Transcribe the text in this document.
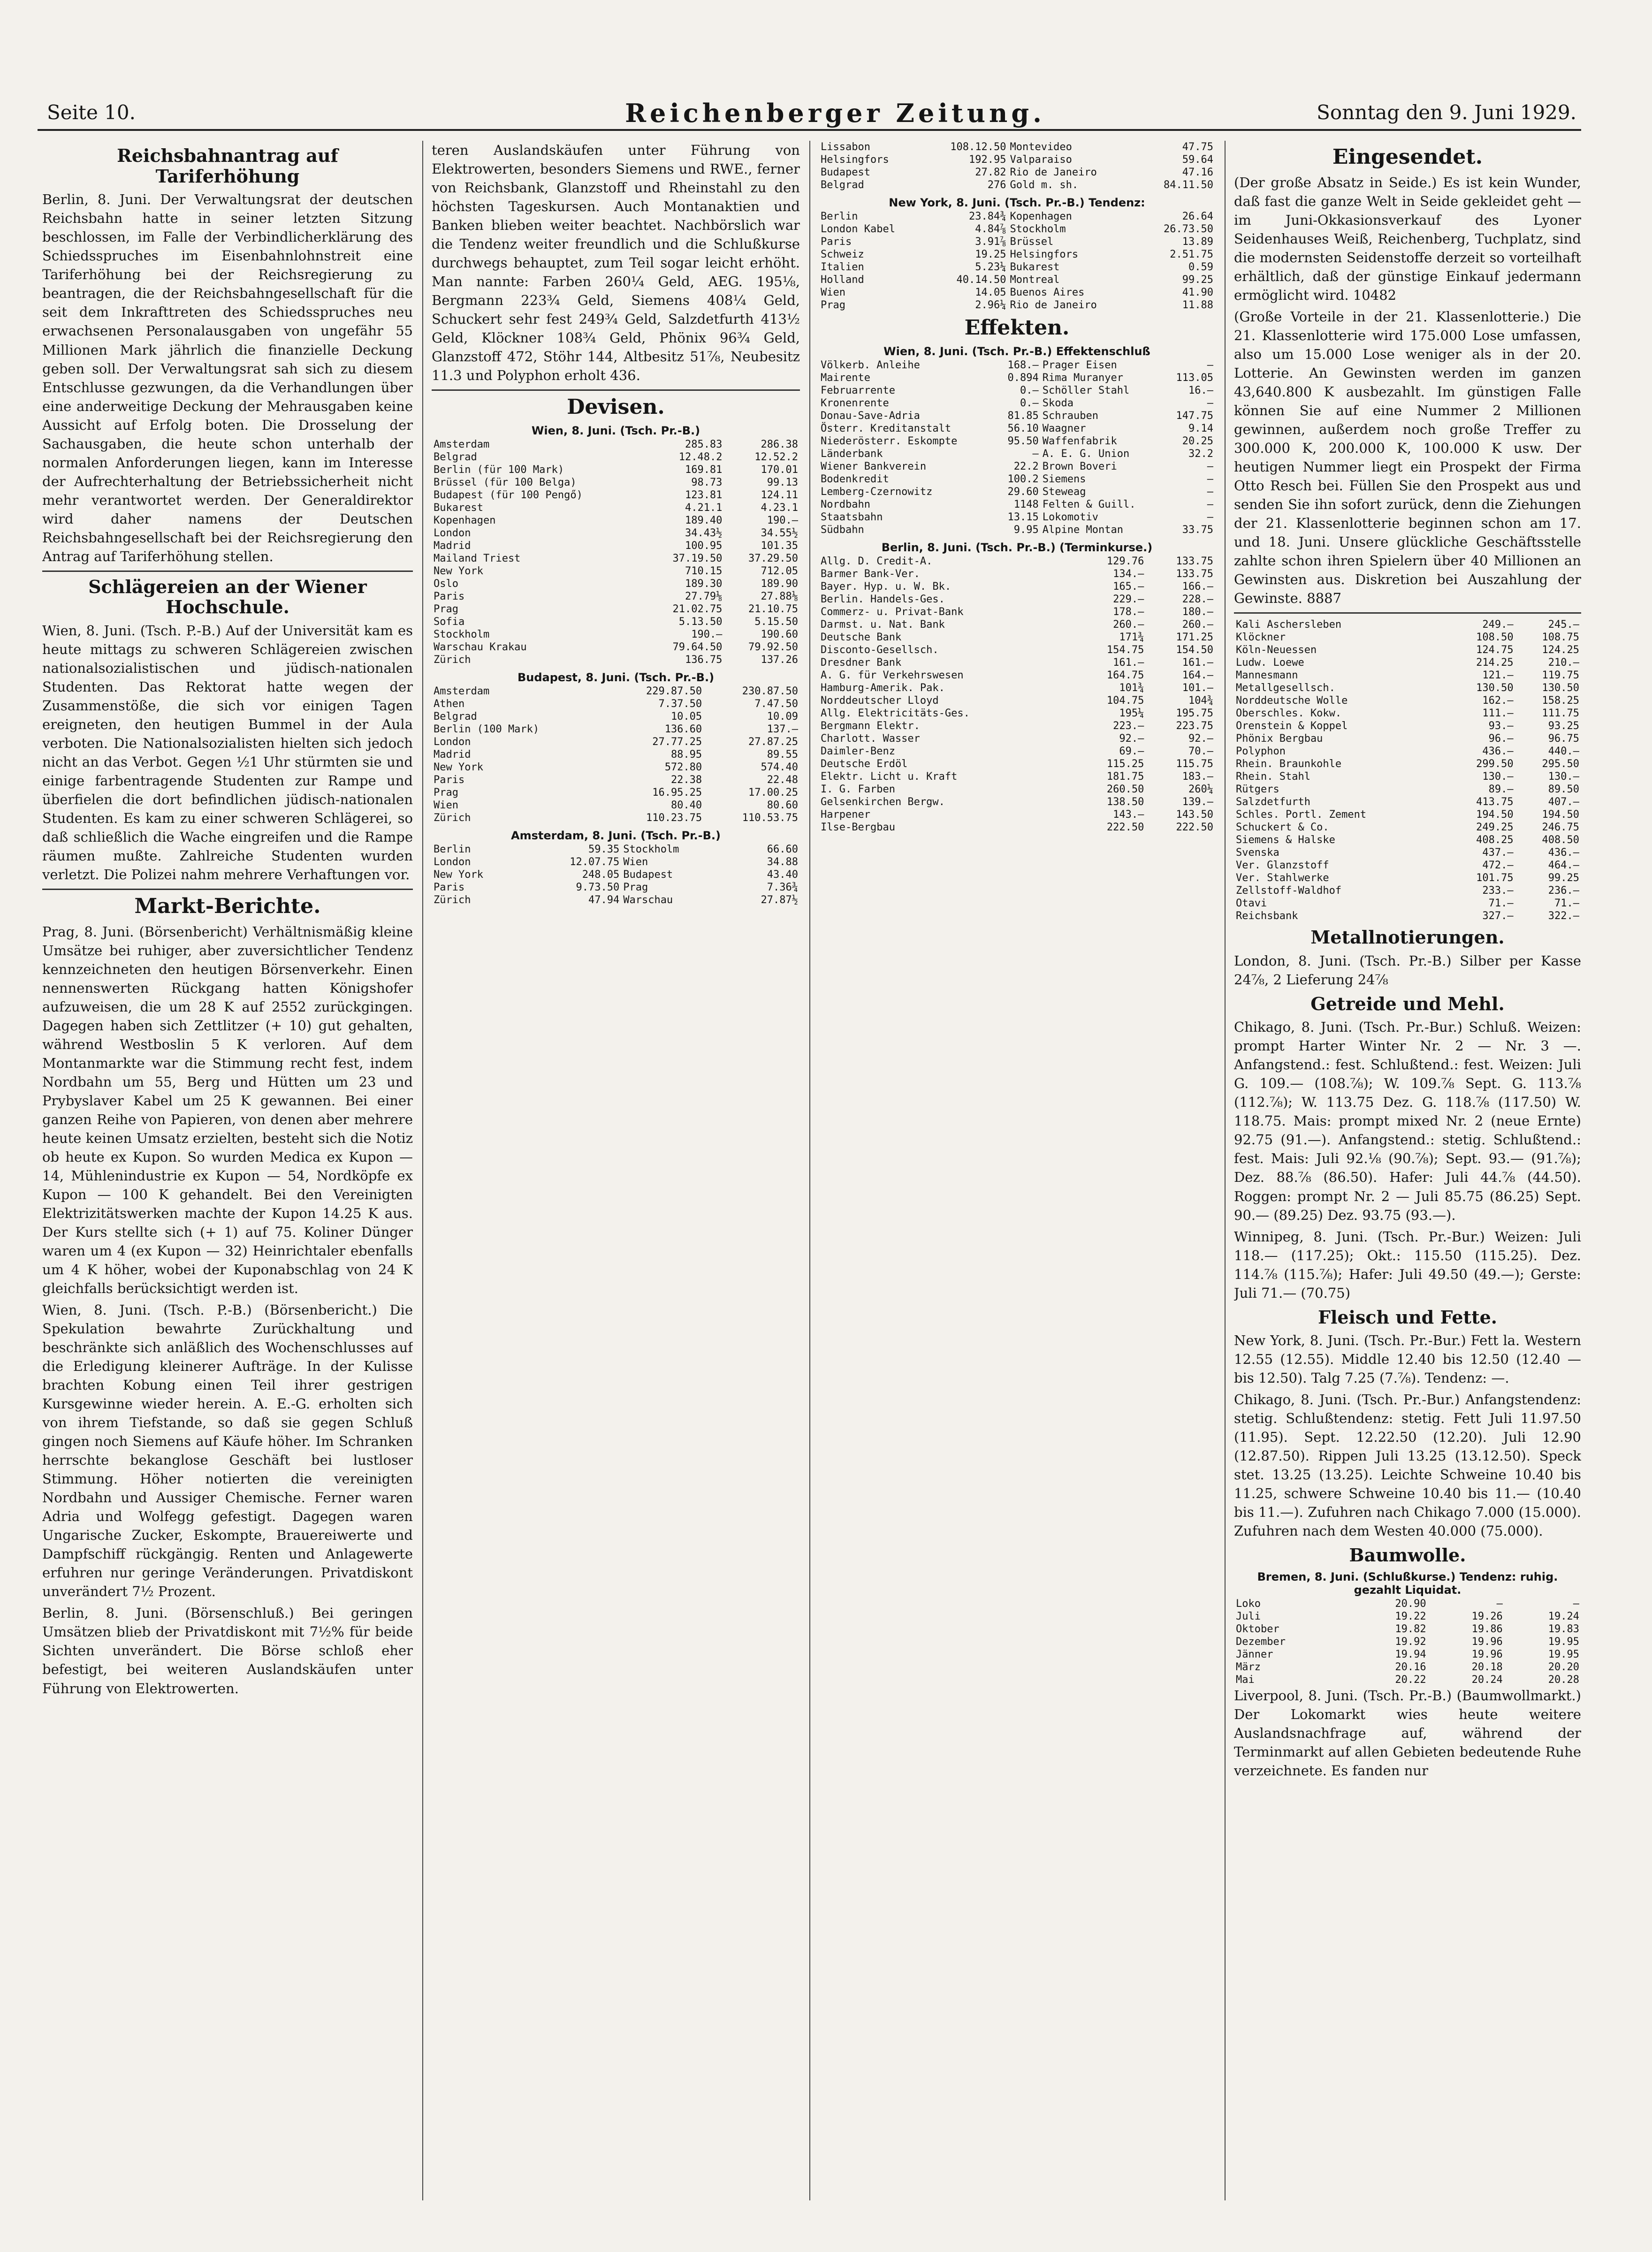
Seite 10.	Reichenberger Zeitung.	Sonntag den 9. Juni 1929.
Reichsbahnantrag auf Tariferhöhung

Berlin, 8. Juni. Der Verwaltungsrat der deutschen Reichsbahn hatte in seiner letzten Sitzung beschlossen, im Falle der Verbindlicherklärung des Schiedsspruches im Eisenbahnlohnstreit eine Tariferhöhung bei der Reichsregierung zu beantragen, die der Reichsbahngesellschaft für die seit dem Inkrafttreten des Schiedsspruches neu erwachsenen Personalausgaben von ungefähr 55 Millionen Mark jährlich die finanzielle Deckung geben soll. Der Verwaltungsrat sah sich zu diesem Entschlusse gezwungen, da die Verhandlungen über eine anderweitige Deckung der Mehrausgaben keine Aussicht auf Erfolg boten. Die Drosselung der Sachausgaben, die heute schon unterhalb der normalen Anforderungen liegen, kann im Interesse der Aufrechterhaltung der Betriebssicherheit nicht mehr verantwortet werden. Der Generaldirektor wird daher namens der Deutschen Reichsbahngesellschaft bei der Reichsregierung den Antrag auf Tariferhöhung stellen.

Schlägereien an der Wiener Hochschule.

Wien, 8. Juni. (Tsch. P.-B.) Auf der Universität kam es heute mittags zu schweren Schlägereien zwischen nationalsozialistischen und jüdisch-nationalen Studenten. Das Rektorat hatte wegen der Zusammenstöße, die sich vor einigen Tagen ereigneten, den heutigen Bummel in der Aula verboten. Die Nationalsozialisten hielten sich jedoch nicht an das Verbot. Gegen ½1 Uhr stürmten sie und einige farbentragende Studenten zur Rampe und überfielen die dort befindlichen jüdisch-nationalen Studenten. Es kam zu einer schweren Schlägerei, so daß schließlich die Wache eingreifen und die Rampe räumen mußte. Zahlreiche Studenten wurden verletzt. Die Polizei nahm mehrere Verhaftungen vor.

Markt-Berichte.

Prag, 8. Juni. (Börsenbericht) Verhältnismäßig kleine Umsätze bei ruhiger, aber zuversichtlicher Tendenz kennzeichneten den heutigen Börsenverkehr. Einen nennenswerten Rückgang hatten Königshofer aufzuweisen, die um 28 K auf 2552 zurückgingen. Dagegen haben sich Zettlitzer (+ 10) gut gehalten, während Westboslin 5 K verloren. Auf dem Montanmarkte war die Stimmung recht fest, indem Nordbahn um 55, Berg und Hütten um 23 und Prybyslaver Kabel um 25 K gewannen. Bei einer ganzen Reihe von Papieren, von denen aber mehrere heute keinen Umsatz erzielten, besteht sich die Notiz ob heute ex Kupon. So wurden Medica ex Kupon — 14, Mühlenindustrie ex Kupon — 54, Nordköpfe ex Kupon — 100 K gehandelt. Bei den Vereinigten Elektrizitätswerken machte der Kupon 14.25 K aus. Der Kurs stellte sich (+ 1) auf 75. Koliner Dünger waren um 4 (ex Kupon — 32) Heinrichtaler ebenfalls um 4 K höher, wobei der Kuponabschlag von 24 K gleichfalls berücksichtigt werden ist.

Wien, 8. Juni. (Tsch. P.-B.) (Börsenbericht.) Die Spekulation bewahrte Zurückhaltung und beschränkte sich anläßlich des Wochenschlusses auf die Erledigung kleinerer Aufträge. In der Kulisse brachten Kobung einen Teil ihrer gestrigen Kursgewinne wieder herein. A. E.-G. erholten sich von ihrem Tiefstande, so daß sie gegen Schluß gingen noch Siemens auf Käufe höher. Im Schranken herrschte bekanglose Geschäft bei lustloser Stimmung. Höher notierten die vereinigten Nordbahn und Aussiger Chemische. Ferner waren Adria und Wolfegg gefestigt. Dagegen waren Ungarische Zucker, Eskompte, Brauereiwerte und Dampfschiff rückgängig. Renten und Anlagewerte erfuhren nur geringe Veränderungen. Privatdiskont unverändert 7½ Prozent.

Berlin, 8. Juni. (Börsenschluß.) Bei geringen Umsätzen blieb der Privatdiskont mit 7½% für beide Sichten unverändert. Die Börse schloß eher befestigt, bei weiteren Auslandskäufen unter Führung von Elektrowerten.

teren Auslandskäufen unter Führung von Elektrowerten, besonders Siemens und RWE., ferner von Reichsbank, Glanzstoff und Rheinstahl zu den höchsten Tageskursen. Auch Montanaktien und Banken blieben weiter beachtet. Nachbörslich war die Tendenz weiter freundlich und die Schlußkurse durchwegs behauptet, zum Teil sogar leicht erhöht. Man nannte: Farben 260¼ Geld, AEG. 195⅛, Bergmann 223¾ Geld, Siemens 408¼ Geld, Schuckert sehr fest 249¾ Geld, Salzdetfurth 413½ Geld, Klöckner 108¾ Geld, Phönix 96¾ Geld, Glanzstoff 472, Stöhr 144, Altbesitz 51⅞, Neubesitz 11.3 und Polyphon erholt 436.

Devisen.
Wien, 8. Juni. (Tsch. Pr.-B.)
Amsterdam	285.83	286.38
Belgrad	12.48.2	12.52.2
Berlin (für 100 Mark)	169.81	170.01
Brüssel (für 100 Belga)	98.73	99.13
Budapest (für 100 Pengő)	123.81	124.11
Bukarest	4.21.1	4.23.1
Kopenhagen	189.40	190.—
London	34.43½	34.55½
Madrid	100.95	101.35
Mailand Triest	37.19.50	37.29.50
New York	710.15	712.05
Oslo	189.30	189.90
Paris	27.79⅛	27.88⅛
Prag	21.02.75	21.10.75
Sofia	5.13.50	5.15.50
Stockholm	190.—	190.60
Warschau Krakau	79.64.50	79.92.50
Zürich	136.75	137.26
Budapest, 8. Juni. (Tsch. Pr.-B.)
Amsterdam	229.87.50	230.87.50
Athen	7.37.50	7.47.50
Belgrad	10.05	10.09
Berlin (100 Mark)	136.60	137.—
London	27.77.25	27.87.25
Madrid	88.95	89.55
New York	572.80	574.40
Paris	22.38	22.48
Prag	16.95.25	17.00.25
Wien	80.40	80.60
Zürich	110.23.75	110.53.75
Amsterdam, 8. Juni. (Tsch. Pr.-B.)
Berlin	59.35	Stockholm	66.60
London	12.07.75	Wien	34.88
New York	248.05	Budapest	43.40
Paris	9.73.50	Prag	7.36¾
Zürich	47.94	Warschau	27.87½
Lissabon	108.12.50	Montevideo	47.75
Helsingfors	192.95	Valparaiso	59.64
Budapest	27.82	Rio de Janeiro	47.16
Belgrad	276	Gold m. sh.	84.11.50
New York, 8. Juni. (Tsch. Pr.-B.) Tendenz:
Berlin	23.84¾	Kopenhagen	26.64
London Kabel	4.84⅞	Stockholm	26.73.50
Paris	3.91⅞	Brüssel	13.89
Schweiz	19.25	Helsingfors	2.51.75
Italien	5.23¼	Bukarest	0.59
Holland	40.14.50	Montreal	99.25
Wien	14.05	Buenos Aires	41.90
Prag	2.96¼	Rio de Janeiro	11.88
Effekten.
Wien, 8. Juni. (Tsch. Pr.-B.) Effektenschluß
Völkerb. Anleihe	168.—	Prager Eisen	—
Mairente	0.894	Rima Muranyer	113.05
Februarrente	0.—	Schöller Stahl	16.—
Kronenrente	0.—	Skoda	—
Donau-Save-Adria	81.85	Schrauben	147.75
Österr. Kreditanstalt	56.10	Waagner	9.14
Niederösterr. Eskompte	95.50	Waffenfabrik	20.25
Länderbank	—	A. E. G. Union	32.2
Wiener Bankverein	22.2	Brown Boveri	—
Bodenkredit	100.2	Siemens	—
Lemberg-Czernowitz	29.60	Steweag	—
Nordbahn	1148	Felten & Guill.	—
Staatsbahn	13.15	Lokomotiv	—
Südbahn	9.95	Alpine Montan	33.75
Berlin, 8. Juni. (Tsch. Pr.-B.) (Terminkurse.)
Allg. D. Credit-A.	129.76	133.75
Barmer Bank-Ver.	134.—	133.75
Bayer. Hyp. u. W. Bk.	165.—	166.—
Berlin. Handels-Ges.	229.—	228.—
Commerz- u. Privat-Bank	178.—	180.—
Darmst. u. Nat. Bank	260.—	260.—
Deutsche Bank	171¾	171.25
Disconto-Gesellsch.	154.75	154.50
Dresdner Bank	161.—	161.—
A. G. für Verkehrswesen	164.75	164.—
Hamburg-Amerik. Pak.	101¾	101.—
Norddeutscher Lloyd	104.75	104¾
Allg. Elektricitäts-Ges.	195¼	195.75
Bergmann Elektr.	223.—	223.75
Charlott. Wasser	92.—	92.—
Daimler-Benz	69.—	70.—
Deutsche Erdöl	115.25	115.75
Elektr. Licht u. Kraft	181.75	183.—
I. G. Farben	260.50	260¼
Gelsenkirchen Bergw.	138.50	139.—
Harpener	143.—	143.50
Ilse-Bergbau	222.50	222.50
Eingesendet.

(Der große Absatz in Seide.) Es ist kein Wunder, daß fast die ganze Welt in Seide gekleidet geht — im Juni-Okkasionsverkauf des Lyoner Seidenhauses Weiß, Reichenberg, Tuchplatz, sind die modernsten Seidenstoffe derzeit so vorteilhaft erhältlich, daß der günstige Einkauf jedermann ermöglicht wird. 10482

(Große Vorteile in der 21. Klassenlotterie.) Die 21. Klassenlotterie wird 175.000 Lose umfassen, also um 15.000 Lose weniger als in der 20. Lotterie. An Gewinsten werden im ganzen 43,640.800 K ausbezahlt. Im günstigen Falle können Sie auf eine Nummer 2 Millionen gewinnen, außerdem noch große Treffer zu 300.000 K, 200.000 K, 100.000 K usw. Der heutigen Nummer liegt ein Prospekt der Firma Otto Resch bei. Füllen Sie den Prospekt aus und senden Sie ihn sofort zurück, denn die Ziehungen der 21. Klassenlotterie beginnen schon am 17. und 18. Juni. Unsere glückliche Geschäftsstelle zahlte schon ihren Spielern über 40 Millionen an Gewinsten aus. Diskretion bei Auszahlung der Gewinste. 8887

Kali Aschersleben	249.—	245.—
Klöckner	108.50	108.75
Köln-Neuessen	124.75	124.25
Ludw. Loewe	214.25	210.—
Mannesmann	121.—	119.75
Metallgesellsch.	130.50	130.50
Norddeutsche Wolle	162.—	158.25
Oberschles. Kokw.	111.—	111.75
Orenstein & Koppel	93.—	93.25
Phönix Bergbau	96.—	96.75
Polyphon	436.—	440.—
Rhein. Braunkohle	299.50	295.50
Rhein. Stahl	130.—	130.—
Rütgers	89.—	89.50
Salzdetfurth	413.75	407.—
Schles. Portl. Zement	194.50	194.50
Schuckert & Co.	249.25	246.75
Siemens & Halske	408.25	408.50
Svenska	437.—	436.—
Ver. Glanzstoff	472.—	464.—
Ver. Stahlwerke	101.75	99.25
Zellstoff-Waldhof	233.—	236.—
Otavi	71.—	71.—
Reichsbank	327.—	322.—
Metallnotierungen.

London, 8. Juni. (Tsch. Pr.-B.) Silber per Kasse 24⅞, 2 Lieferung 24⅞

Getreide und Mehl.

Chikago, 8. Juni. (Tsch. Pr.-Bur.) Schluß. Weizen: prompt Harter Winter Nr. 2 — Nr. 3 —. Anfangstend.: fest. Schlußtend.: fest. Weizen: Juli G. 109.— (108.⅞); W. 109.⅞ Sept. G. 113.⅞ (112.⅞); W. 113.75 Dez. G. 118.⅞ (117.50) W. 118.75. Mais: prompt mixed Nr. 2 (neue Ernte) 92.75 (91.—). Anfangstend.: stetig. Schlußtend.: fest. Mais: Juli 92.⅛ (90.⅞); Sept. 93.— (91.⅞); Dez. 88.⅞ (86.50). Hafer: Juli 44.⅞ (44.50). Roggen: prompt Nr. 2 — Juli 85.75 (86.25) Sept. 90.— (89.25) Dez. 93.75 (93.—).

Winnipeg, 8. Juni. (Tsch. Pr.-Bur.) Weizen: Juli 118.— (117.25); Okt.: 115.50 (115.25). Dez. 114.⅞ (115.⅞); Hafer: Juli 49.50 (49.—); Gerste: Juli 71.— (70.75)

Fleisch und Fette.

New York, 8. Juni. (Tsch. Pr.-Bur.) Fett la. Western 12.55 (12.55). Middle 12.40 bis 12.50 (12.40 — bis 12.50). Talg 7.25 (7.⅞). Tendenz: —.

Chikago, 8. Juni. (Tsch. Pr.-Bur.) Anfangstendenz: stetig. Schlußtendenz: stetig. Fett Juli 11.97.50 (11.95). Sept. 12.22.50 (12.20). Juli 12.90 (12.87.50). Rippen Juli 13.25 (13.12.50). Speck stet. 13.25 (13.25). Leichte Schweine 10.40 bis 11.25, schwere Schweine 10.40 bis 11.— (10.40 bis 11.—). Zufuhren nach Chikago 7.000 (15.000). Zufuhren nach dem Westen 40.000 (75.000).

Baumwolle.
Bremen, 8. Juni. (Schlußkurse.) Tendenz: ruhig. gezahlt Liquidat.
Loko	20.90	—	—
Juli	19.22	19.26	19.24
Oktober	19.82	19.86	19.83
Dezember	19.92	19.96	19.95
Jänner	19.94	19.96	19.95
März	20.16	20.18	20.20
Mai	20.22	20.24	20.28

Liverpool, 8. Juni. (Tsch. Pr.-B.) (Baumwollmarkt.) Der Lokomarkt wies heute weitere Auslandsnachfrage auf, während der Terminmarkt auf allen Gebieten bedeutende Ruhe verzeichnete. Es fanden nur
